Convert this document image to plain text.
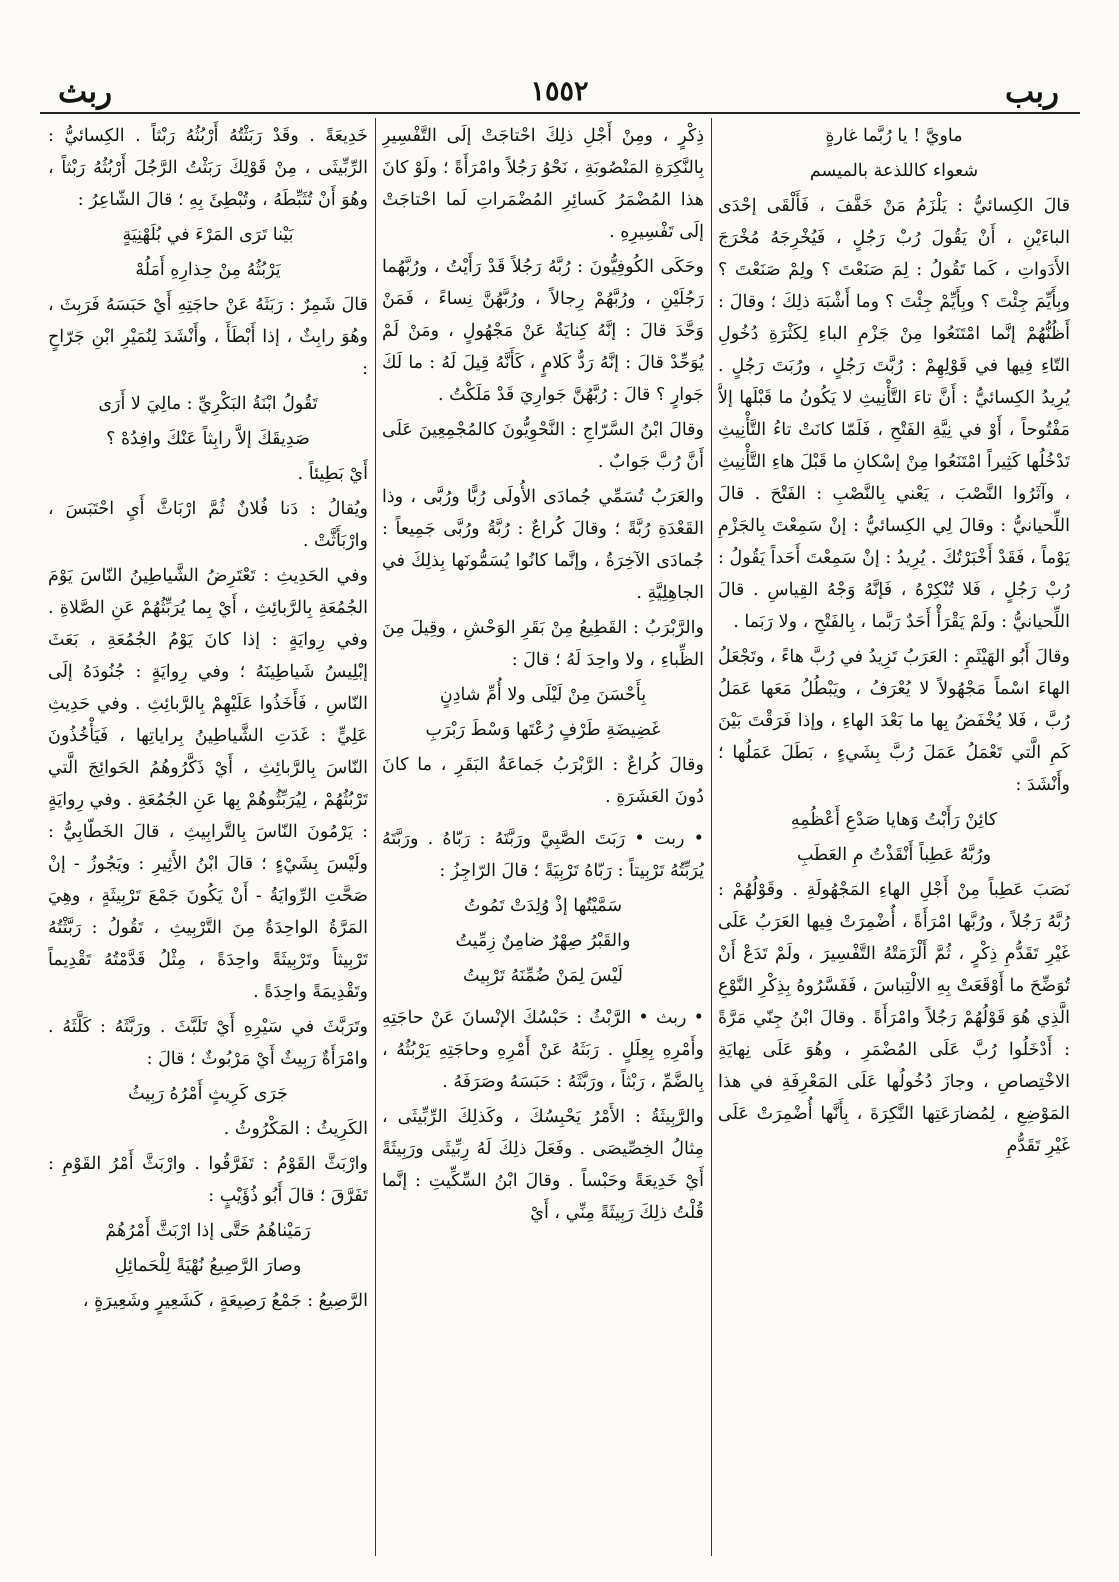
ربب
١٥٥٢
ربث

ماويَّ ! يا رُبَّما غارةٍ

شعواء كاللذعة بالميسم

قالَ الكِسائيُّ : يَلْزَمُ مَنْ خَفَّفَ ، فَأَلْقَى إحْدَى الباءَيْنِ ، أَنْ يَقُولَ رُبْ رَجُلٍ ، فَيُخْرِجَهُ مُخْرَجَ الأَدَواتِ ، كَما تَقُولُ : لِمَ صَنَعْتَ ؟ ولِمْ صَنَعْتَ ؟ وبِأَيِّمَ جِئْتَ ؟ وبِأَيِّمْ جِئْتَ ؟ وما أَشْبَهَ ذلِكَ ؛ وقالَ : أَظُنُّهُمْ إنَّما امْتَنَعُوا مِنْ جَزْمِ الباءِ لِكَثْرَةِ دُخُولِ التّاءِ فِيها في قَوْلِهِمْ : رُبَّتَ رَجُلٍ ، ورُبَتَ رَجُلٍ . يُرِيدُ الكِسائيُّ : أَنَّ تاءَ التَّأْنِيثِ لا يَكُونُ ما قَبْلَها إلاَّ مَفْتُوحاً ، أَوْ في نِيَّةِ الفَتْحِ ، فَلَمّا كانَتْ تاءُ التَّأْنِيثِ تَدْخُلُها كَثِيراً امْتَنَعُوا مِنْ إسْكانِ ما قَبْلَ هاءِ التَّأْنِيثِ ، وآثَرُوا النَّصْبَ ، يَعْني بِالنَّصْبِ : الفَتْحَ . قالَ اللِّحيانيُّ : وقالَ لِي الكِسائيُّ : إنْ سَمِعْتَ بِالجَزْمِ يَوْماً ، فَقَدْ أَخْبَرْتُكَ . يُرِيدُ : إنْ سَمِعْتَ أَحَداً يَقُولُ : رُبْ رَجُلٍ ، فَلا تُنْكِرْهُ ، فَإنَّهُ وَجْهُ القِياسِ . قالَ اللِّحيانيُّ : ولَمْ يَقْرَأْ أَحَدٌ رَبَّما ، بِالفَتْحِ ، ولا رَبَما .

وقالَ أَبُو الهَيْثَمِ : العَرَبُ تَزِيدُ في رُبَّ هاءً ، وتَجْعَلُ الهاءَ اسْماً مَجْهُولاً لا يُعْرَفُ ، ويَبْطُلُ مَعَها عَمَلُ رُبَّ ، فَلا يُخْفَضُ بِها ما بَعْدَ الهاءِ ، وإذا فَرَقْتَ بَيْنَ كَمِ الَّتي تَعْمَلُ عَمَلَ رُبَّ بِشَيءٍ ، بَطَلَ عَمَلُها ؛ وأَنْشَدَ :

كائِنْ رَأَبْتُ وَهايا صَدْعِ أَعْظُمِهِ

ورُبَّهُ عَطِباً أَنْقَذْتُ مِ العَطَبِ

نَصَبَ عَطِباً مِنْ أَجْلِ الهاءِ المَجْهُولَةِ . وقَوْلُهُمْ : رُبَّهُ رَجُلاً ، ورُبَّها امْرَأَةً ، أُضْمِرَتْ فِيها العَرَبُ عَلَى غَيْرِ تَقَدُّمِ ذِكْرٍ ، ثُمَّ أَلْزَمَتْهُ التَّفْسِيرَ ، ولَمْ تَدَعْ أَنْ تُوَضِّحَ ما أَوْقَعَتْ بِهِ الالْتِباسَ ، فَفَسَّرُوهُ بِذِكْرِ النَّوْعِ الَّذِي هُوَ قَوْلُهُمْ رَجُلاً وامْرَأَةً . وقالَ ابْنُ جِنّي مَرَّةً : أَدْخَلُوا رُبَّ عَلَى المُضْمَرِ ، وهُوَ عَلَى نِهايَةِ الاخْتِصاصِ ، وجازَ دُخُولُها عَلَى المَعْرِفَةِ في هذا المَوْضِعِ ، لِمُضارَعَتِها النَّكِرَةَ ، بِأَنَّها أُضْمِرَتْ عَلَى غَيْرِ تَقَدُّمِ

ذِكْرٍ ، ومِنْ أَجْلِ ذلِكَ احْتاجَتْ إلَى التَّفْسِيرِ بِالنَّكِرَةِ المَنْصُوبَةِ ، نَحْوُ رَجُلاً وامْرَأَةً ؛ ولَوْ كانَ هذا المُضْمَرُ كَسائِرِ المُضْمَراتِ لَما احْتاجَتْ إلَى تَفْسِيرِهِ .

وحَكَى الكُوفِيُّونَ : رُبَّهُ رَجُلاً قَدْ رَأَيْتُ ، ورُبَّهُما رَجُلَيْنِ ، ورُبَّهُمْ رِجالاً ، ورُبَّهُنَّ نِساءً ، فَمَنْ وَحَّدَ قالَ : إنَّهُ كِنايَةٌ عَنْ مَجْهُولٍ ، ومَنْ لَمْ يُوَحِّدْ قالَ : إنَّهُ رَدُّ كَلامٍ ، كَأَنَّهُ قِيلَ لَهُ : ما لَكَ جَوارٍ ؟ قالَ : رُبَّهُنَّ جَوارِيَ قَدْ مَلَكْتُ .

وقالَ ابْنُ السَّرّاجِ : النَّحْوِيُّونَ كالمُجْمِعِينَ عَلَى أَنَّ رُبَّ جَوابٌ .

والعَرَبُ تُسَمِّي جُمادَى الأُولَى رُبًّا ورُبَّى ، وذا القَعْدَةِ رُبَّةً ؛ وقالَ كُراعٌ : رُبَّةُ ورُبَّى جَمِيعاً : جُمادَى الآخِرَةُ ، وإنَّما كانُوا يُسَمُّونَها بِذلِكَ في الجاهِلِيَّةِ .

والرَّبْرَبُ : القَطِيعُ مِنْ بَقَرِ الوَحْشِ ، وقِيلَ مِنَ الظِّباءِ ، ولا واحِدَ لَهُ ؛ قالَ :

بِأَحْسَنَ مِنْ لَيْلَى ولا أُمِّ شادِنٍ

غَضِيضَةِ طَرْفٍ رُعْتَها وَسْطَ رَبْرَبِ

وقالَ كُراعٌ : الرَّبْرَبُ جَماعَةُ البَقَرِ ، ما كانَ دُونَ العَشَرَةِ .

• ربت • رَبَتَ الصَّبِيَّ ورَبَّتَهُ : رَبّاهُ . ورَبَّتَهُ يُرَبِّتُهُ تَرْبِيتاً : رَبّاهُ تَرْبِيَةً ؛ قالَ الرّاجِزُ :

سَمَّيْتُها إذْ وُلِدَتْ تَمُوتُ

والقَبْرُ صِهْرٌ ضامِنٌ زِمِّيتُ

لَيْسَ لِمَنْ ضُمِّنَهُ تَرْبِيتُ

• ربث • الرَّبْثُ : حَبْسُكَ الإنْسانَ عَنْ حاجَتِهِ وأَمْرِهِ بِعِلَلٍ . رَبَثَهُ عَنْ أَمْرِهِ وحاجَتِهِ يَرْبُثُهُ ، بِالضَّمِّ ، رَبْثاً ، ورَبَّثَهُ : حَبَسَهُ وصَرَفَهُ .

والرَّبِيثَةُ : الأَمْرُ يَحْبِسُكَ ، وكَذلِكَ الرِّبِّيثَى ، مِثالُ الخِصِّيصَى . وفَعَلَ ذلِكَ لَهُ رِبِّيثَى ورَبِيثَةً أَيْ خَدِيعَةً وحَبْساً . وقالَ ابْنُ السِّكِّيتِ : إنَّما قُلْتُ ذلِكَ رَبِيثَةً مِنِّي ، أَيْ

خَدِيعَةً . وقَدْ رَبَثْتُهُ أَرْبُثُهُ رَبْثاً . الكِسائيُّ : الرِّبِّيثَى ، مِنْ قَوْلِكَ رَبَثْتُ الرَّجُلَ أَرْبُثُهُ رَبْثاً ، وهُوَ أَنْ تُثَبِّطَهُ ، وتُبْطِئَ بِهِ ؛ قالَ الشّاعِرُ :

بَيْنا تَرَى المَرْءَ في بُلَهْنِيَةٍ

يَرْبُثُهُ مِنْ حِذارِهِ أَمَلُهْ

قالَ شَمِرٌ : رَبَثَهُ عَنْ حاجَتِهِ أَيْ حَبَسَهُ فَرَبِثَ ، وهُوَ رابِثٌ ، إذا أَبْطَأَ ، وأَنْشَدَ لِنُمَيْرِ ابْنِ جَرّاحٍ :

تَقُولُ ابْنَةُ البَكْرِيِّ : مالِيَ لا أَرَى

صَدِيقَكَ إلاَّ رابِثاً عَنْكَ وافِدُهْ ؟

أَيْ بَطِيئاً .

ويُقالُ : دَنا فُلانٌ ثُمَّ ارْبَاثَّ أَيِ احْتَبَسَ ، وارْبَأَثَّتْ .

وفي الحَدِيثِ : تَعْتَرِضُ الشَّياطِينُ النّاسَ يَوْمَ الجُمُعَةِ بِالرَّبائِثِ ، أَيْ بِما يُرَبِّثُهُمْ عَنِ الصَّلاةِ . وفي رِوايَةٍ : إذا كانَ يَوْمُ الجُمُعَةِ ، بَعَثَ إبْلِيسُ شَياطِينَهُ ؛ وفي رِوايَةٍ : جُنُودَهُ إلَى النّاسِ ، فَأَخَذُوا عَلَيْهِمْ بِالرَّبائِثِ . وفي حَدِيثِ عَلِيٍّ : غَدَتِ الشَّياطِينُ بِراياتِها ، فَيَأْخُذُونَ النّاسَ بِالرَّبائِثِ ، أَيْ ذَكَّرُوهُمُ الحَوائِجَ الَّتي تَرْبُثُهُمْ ، لِيُرَبِّثُوهُمْ بِها عَنِ الجُمُعَةِ . وفي رِوايَةٍ : يَرْمُونَ النّاسَ بِالتَّرابِيثِ ، قالَ الخَطّابِيُّ : ولَيْسَ بِشَيْءٍ ؛ قالَ ابْنُ الأَثِيرِ : ويَجُوزُ - إنْ صَحَّتِ الرِّوايَةُ - أَنْ يَكُونَ جَمْعَ تَرْبِيثَةٍ ، وهِيَ المَرَّةُ الواحِدَةُ مِنَ التَّرْبِيثِ ، تَقُولُ : رَبَّثْتُهُ تَرْبِيثاً وتَرْبِيثَةً واحِدَةً ، مِثْلُ قَدَّمْتُهُ تَقْدِيماً وتَقْدِيمَةً واحِدَةً .

وتَرَبَّثَ في سَيْرِهِ أَيْ تَلَبَّثَ . ورَبَّثَهُ : كَلَّثَهُ . وامْرَأَةٌ رَبِيثٌ أَيْ مَرْبُوثٌ ؛ قالَ :

جَرَى كَرِيثٍ أَمْرُهُ رَبِيثُ

الكَرِيثُ : المَكْرُوثُ .

وارْبَثَّ القَوْمُ : تَفَرَّقُوا . وارْبَثَّ أَمْرُ القَوْمِ : تَفَرَّقَ ؛ قالَ أَبُو ذُؤَيْبٍ :

رَمَيْناهُمُ حَتَّى إذا ارْبَثَّ أَمْرُهُمْ

وصارَ الرَّصِيعُ نُهْيَةً لِلْحَمائِلِ

الرَّصِيعُ : جَمْعُ رَصِيعَةٍ ، كَشَعِيرٍ وشَعِيرَةٍ ،
